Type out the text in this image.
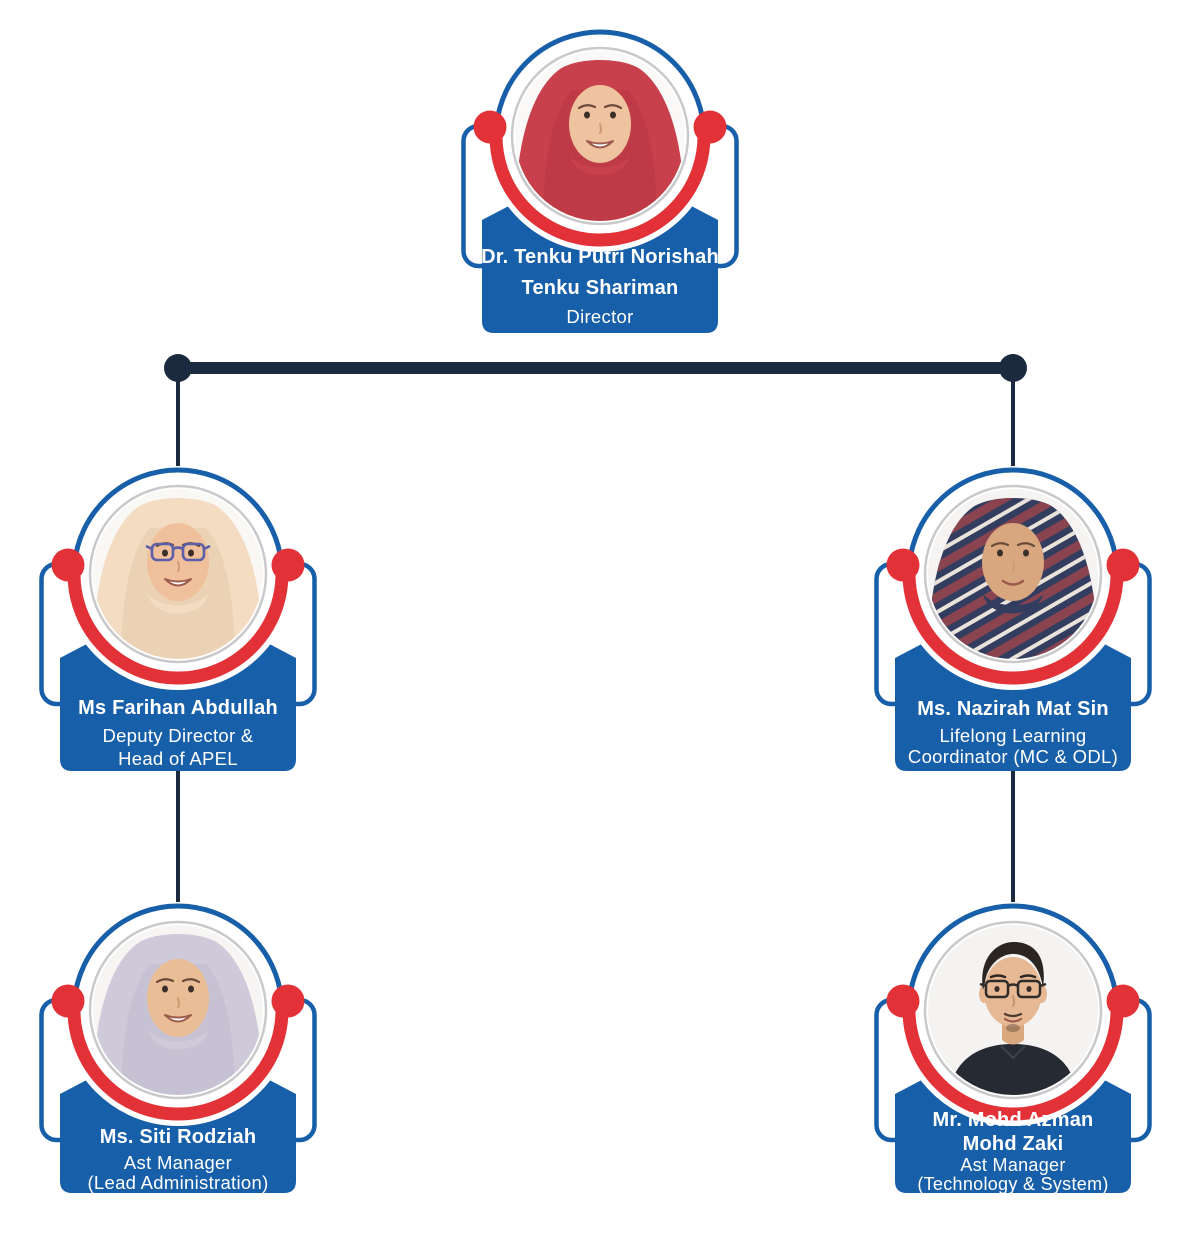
Dr. Tenku Putri Norishah
Tenku Shariman
Director
Ms Farihan Abdullah
Deputy Director &
Head of APEL
Ms. Nazirah Mat Sin
Lifelong Learning
Coordinator (MC & ODL)
Ms. Siti Rodziah
Ast Manager
(Lead Administration)
Mr. Mohd Azman
Mohd Zaki
Ast Manager
(Technology & System)
